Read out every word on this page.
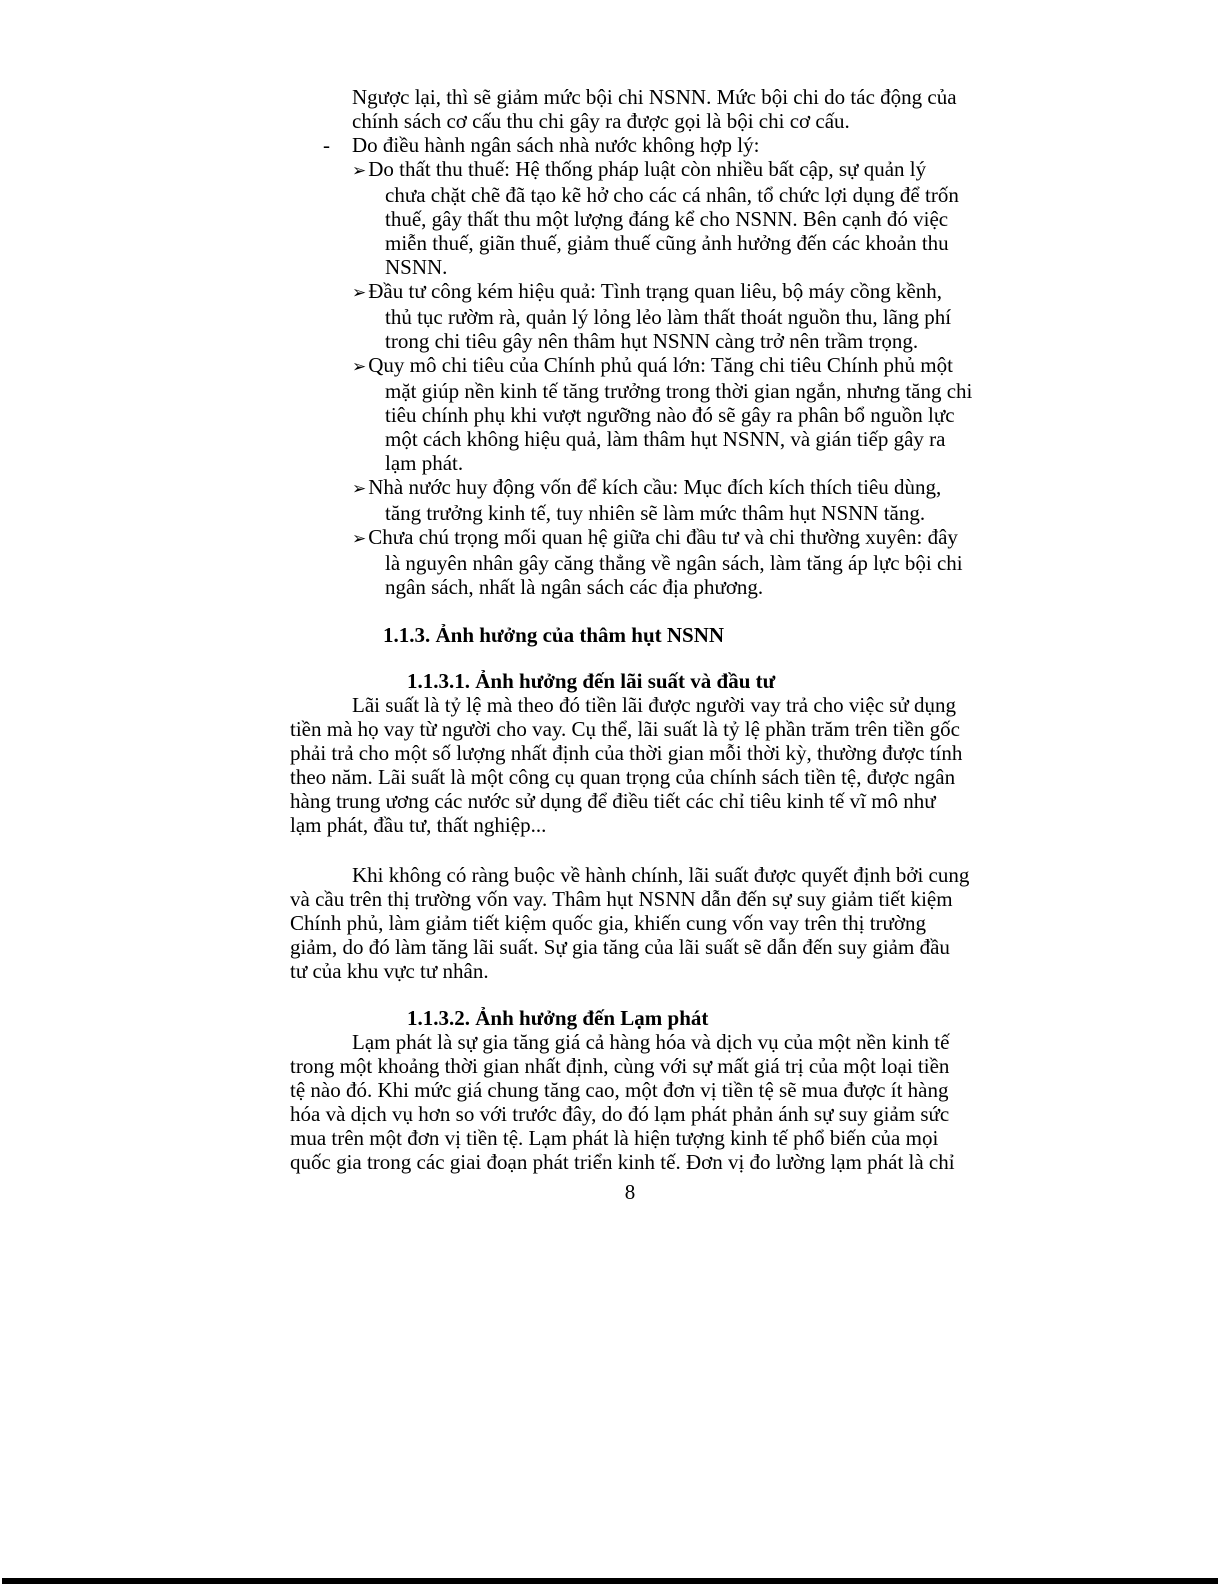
Ngược lại, thì sẽ giảm mức bội chi NSNN. Mức bội chi do tác động của
chính sách cơ cấu thu chi gây ra được gọi là bội chi cơ cấu.
- Do điều hành ngân sách nhà nước không hợp lý:
➢Do thất thu thuế: Hệ thống pháp luật còn nhiều bất cập, sự quản lý
chưa chặt chẽ đã tạo kẽ hở cho các cá nhân, tổ chức lợi dụng để trốn
thuế, gây thất thu một lượng đáng kể cho NSNN. Bên cạnh đó việc
miễn thuế, giãn thuế, giảm thuế cũng ảnh hưởng đến các khoản thu
NSNN.
➢Đầu tư công kém hiệu quả: Tình trạng quan liêu, bộ máy cồng kềnh,
thủ tục rườm rà, quản lý lỏng lẻo làm thất thoát nguồn thu, lãng phí
trong chi tiêu gây nên thâm hụt NSNN càng trở nên trầm trọng.
➢Quy mô chi tiêu của Chính phủ quá lớn: Tăng chi tiêu Chính phủ một
mặt giúp nền kinh tế tăng trưởng trong thời gian ngắn, nhưng tăng chi
tiêu chính phụ khi vượt ngưỡng nào đó sẽ gây ra phân bổ nguồn lực
một cách không hiệu quả, làm thâm hụt NSNN, và gián tiếp gây ra
lạm phát.
➢Nhà nước huy động vốn để kích cầu: Mục đích kích thích tiêu dùng,
tăng trưởng kinh tế, tuy nhiên sẽ làm mức thâm hụt NSNN tăng.
➢Chưa chú trọng mối quan hệ giữa chi đầu tư và chi thường xuyên: đây
là nguyên nhân gây căng thẳng về ngân sách, làm tăng áp lực bội chi
ngân sách, nhất là ngân sách các địa phương.
1.1.3. Ảnh hưởng của thâm hụt NSNN
1.1.3.1. Ảnh hưởng đến lãi suất và đầu tư
Lãi suất là tỷ lệ mà theo đó tiền lãi được người vay trả cho việc sử dụng
tiền mà họ vay từ người cho vay. Cụ thể, lãi suất là tỷ lệ phần trăm trên tiền gốc
phải trả cho một số lượng nhất định của thời gian mỗi thời kỳ, thường được tính
theo năm. Lãi suất là một công cụ quan trọng của chính sách tiền tệ, được ngân
hàng trung ương các nước sử dụng để điều tiết các chỉ tiêu kinh tế vĩ mô như
lạm phát, đầu tư, thất nghiệp...
Khi không có ràng buộc về hành chính, lãi suất được quyết định bởi cung
và cầu trên thị trường vốn vay. Thâm hụt NSNN dẫn đến sự suy giảm tiết kiệm
Chính phủ, làm giảm tiết kiệm quốc gia, khiến cung vốn vay trên thị trường
giảm, do đó làm tăng lãi suất. Sự gia tăng của lãi suất sẽ dẫn đến suy giảm đầu
tư của khu vực tư nhân.
1.1.3.2. Ảnh hưởng đến Lạm phát
Lạm phát là sự gia tăng giá cả hàng hóa và dịch vụ của một nền kinh tế
trong một khoảng thời gian nhất định, cùng với sự mất giá trị của một loại tiền
tệ nào đó. Khi mức giá chung tăng cao, một đơn vị tiền tệ sẽ mua được ít hàng
hóa và dịch vụ hơn so với trước đây, do đó lạm phát phản ánh sự suy giảm sức
mua trên một đơn vị tiền tệ. Lạm phát là hiện tượng kinh tế phổ biến của mọi
quốc gia trong các giai đoạn phát triển kinh tế. Đơn vị đo lường lạm phát là chỉ
8
